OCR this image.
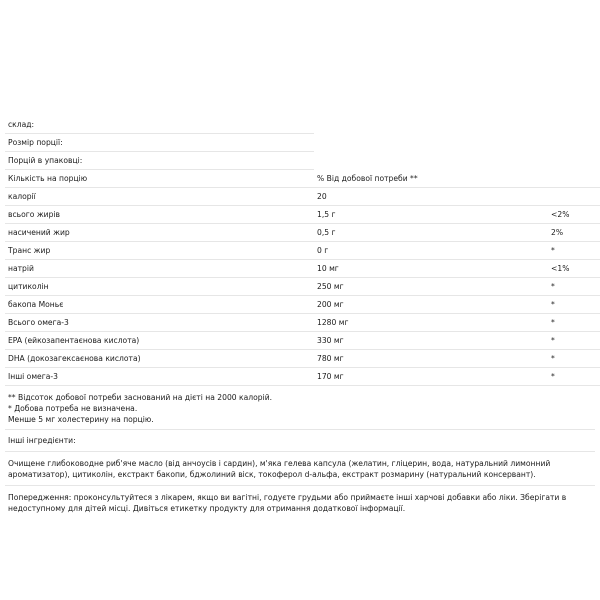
склад:		
Розмір порції:		
Порцій в упаковці:		
Кількість на порцію	% Від добової потреби **	
калорії	20	
всього жирів	1,5 г	<2%
насичений жир	0,5 г	2%
Транс жир	0 г	*
натрій	10 мг	<1%
цитиколін	250 мг	*
бакопа Моньє	200 мг	*
Всього омега-3	1280 мг	*
EPA (ейкозапентаєнова кислота)	330 мг	*
DHA (докозагексаєнова кислота)	780 мг	*
Інші омега-3	170 мг	*
** Відсоток добової потреби заснований на дієті на 2000 калорій.
* Добова потреба не визначена.
Менше 5 мг холестерину на порцію.
Інші інгредієнти:
Очищене глибоководне риб'яче масло (від анчоусів і сардин), м'яка гелева капсула (желатин, гліцерин, вода, натуральний лимонний ароматизатор), цитиколін, екстракт бакопи, бджолиний віск, токоферол d-альфа, екстракт розмарину (натуральний консервант).
Попередження: проконсультуйтеся з лікарем, якщо ви вагітні, годуєте грудьми або приймаєте інші харчові добавки або ліки. Зберігати в недоступному для дітей місці. Дивіться етикетку продукту для отримання додаткової інформації.
